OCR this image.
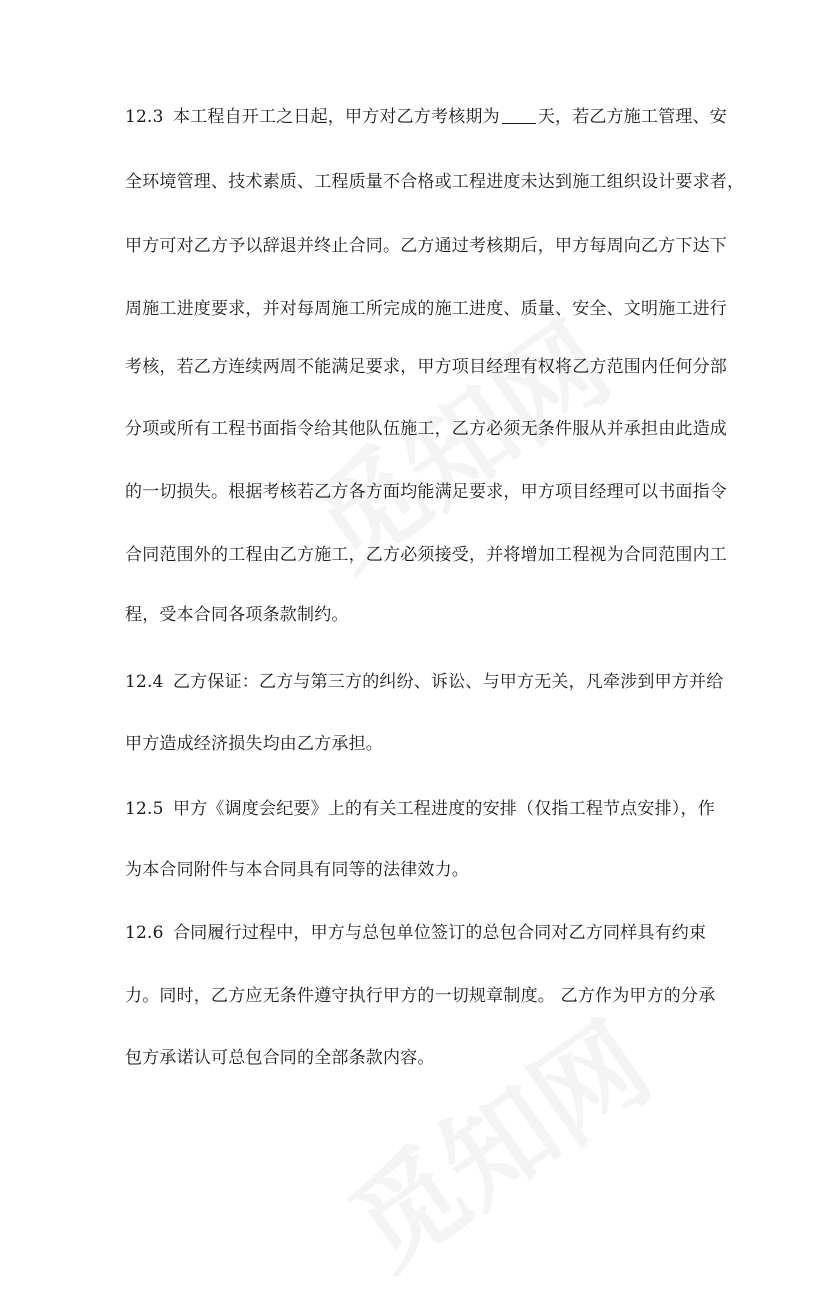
12.3 本工程自开工之日起，甲方对乙方考核期为 天，若乙方施工管理、安
全环境管理、技术素质、工程质量不合格或工程进度未达到施工组织设计要求者，
甲方可对乙方予以辞退并终止合同。乙方通过考核期后，甲方每周向乙方下达下
周施工进度要求，并对每周施工所完成的施工进度、质量、安全、文明施工进行
考核，若乙方连续两周不能满足要求，甲方项目经理有权将乙方范围内任何分部
分项或所有工程书面指令给其他队伍施工，乙方必须无条件服从并承担由此造成
的一切损失。根据考核若乙方各方面均能满足要求，甲方项目经理可以书面指令
合同范围外的工程由乙方施工，乙方必须接受，并将增加工程视为合同范围内工
程，受本合同各项条款制约。
12.4 乙方保证：乙方与第三方的纠纷、诉讼、与甲方无关，凡牵涉到甲方并给
甲方造成经济损失均由乙方承担。
12.5 甲方《调度会纪要》上的有关工程进度的安排（仅指工程节点安排），作
为本合同附件与本合同具有同等的法律效力。
12.6 合同履行过程中，甲方与总包单位签订的总包合同对乙方同样具有约束
力。同时，乙方应无条件遵守执行甲方的一切规章制度。 乙方作为甲方的分承
包方承诺认可总包合同的全部条款内容。
